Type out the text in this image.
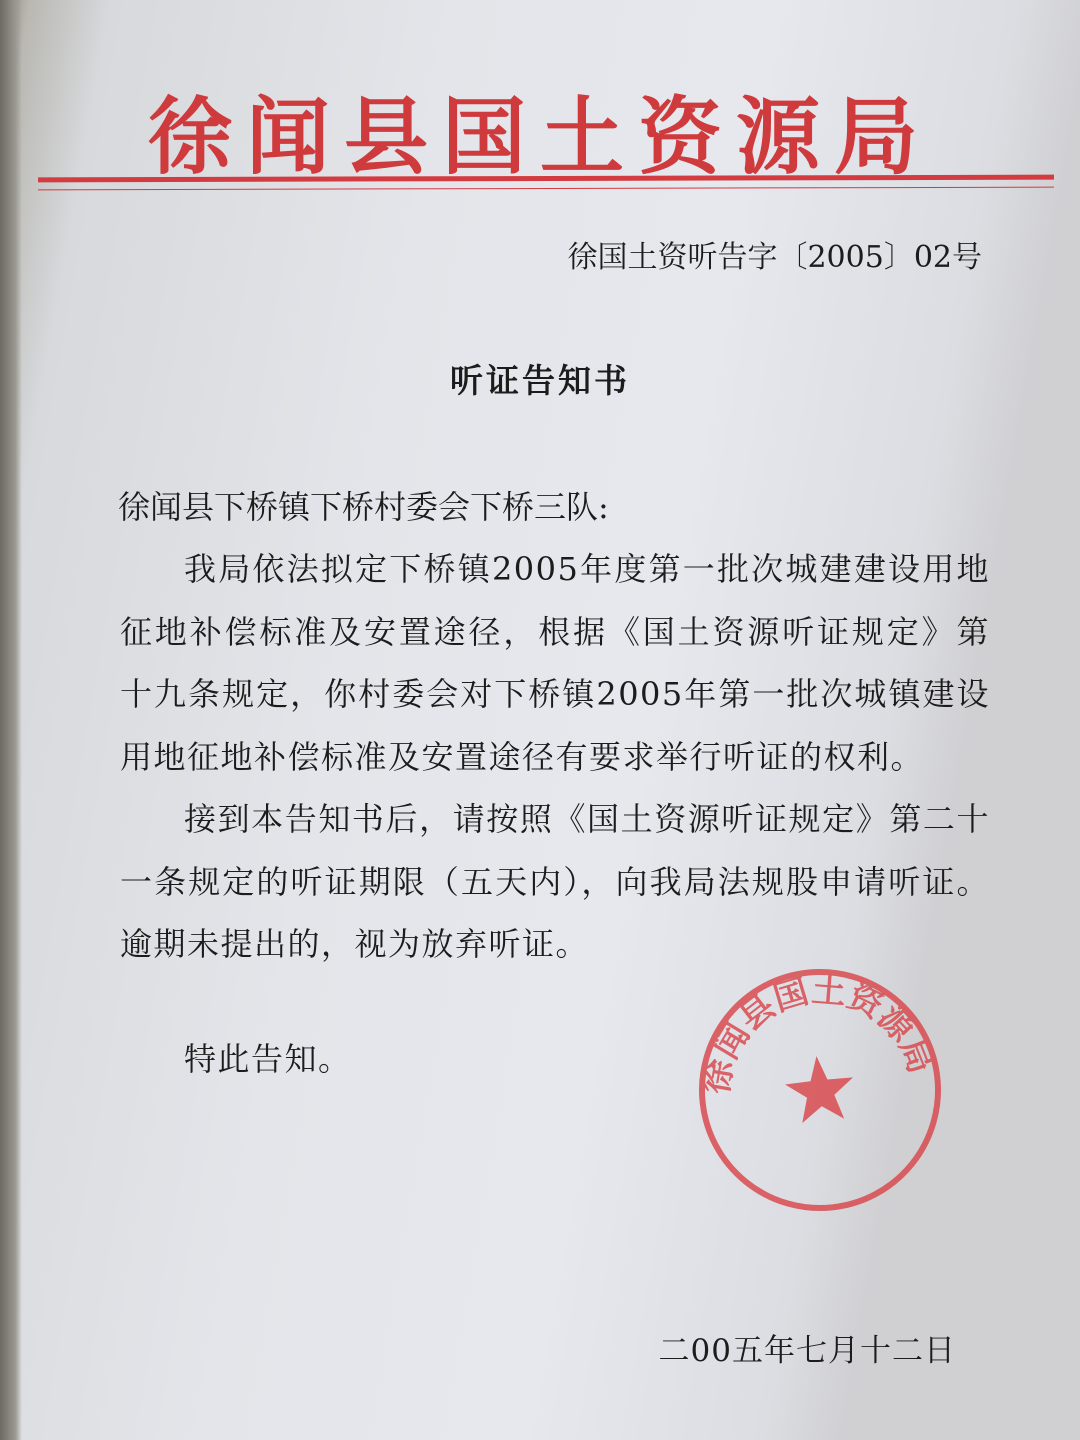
徐闻县国土资源局
徐国土资听告字〔2005〕02号
听证告知书
徐闻县下桥镇下桥村委会下桥三队:

我局依法拟定下桥镇2005年度第一批次城建建设用地征地补偿标准及安置途径，根据《国土资源听证规定》第十九条规定，你村委会对下桥镇2005年第一批次城镇建设用地征地补偿标准及安置途径有要求举行听证的权利。

接到本告知书后，请按照《国土资源听证规定》第二十一条规定的听证期限（五天内），向我局法规股申请听证。逾期未提出的，视为放弃听证。

特此告知。	徐闻县国土资源局
二00五年七月十二日
